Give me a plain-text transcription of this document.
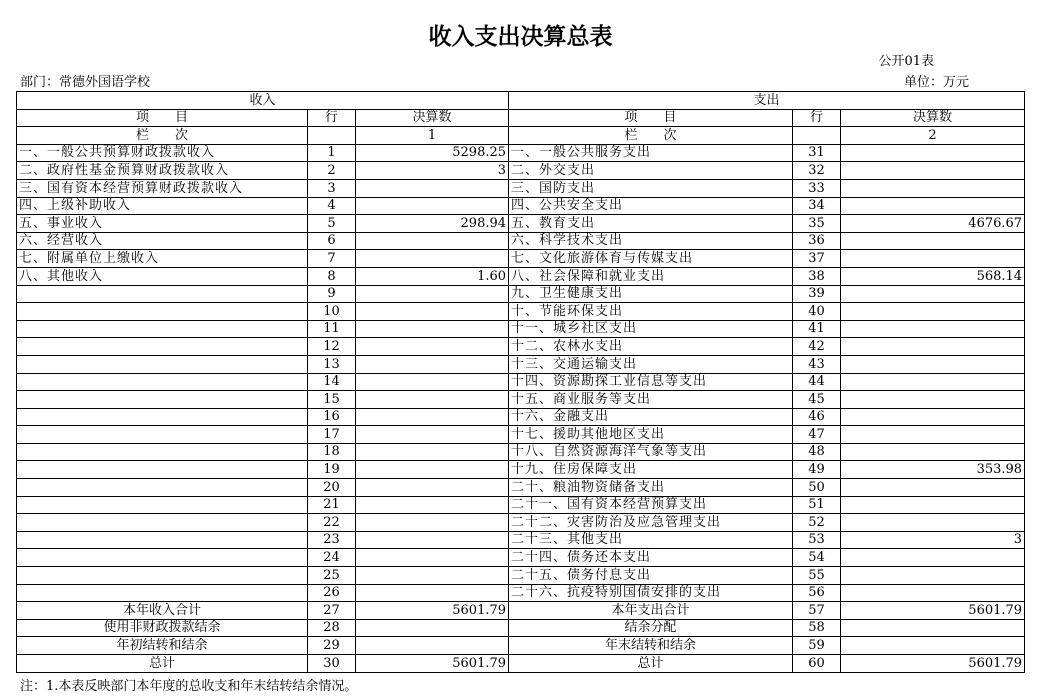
收入支出决算总表
公开01表
部门：常德外国语学校	单位：万元
收入			支出		
项　　目	行	决算数	项　　目	行	决算数
栏　　次		1	栏　　次		2
一、一般公共预算财政拨款收入	1	5298.25	一、一般公共服务支出	31	
二、政府性基金预算财政拨款收入	2	3	二、外交支出	32	
三、国有资本经营预算财政拨款收入	3		三、国防支出	33	
四、上级补助收入	4		四、公共安全支出	34	
五、事业收入	5	298.94	五、教育支出	35	4676.67
六、经营收入	6		六、科学技术支出	36	
七、附属单位上缴收入	7		七、文化旅游体育与传媒支出	37	
八、其他收入	8	1.60	八、社会保障和就业支出	38	568.14
	9		九、卫生健康支出	39	
	10		十、节能环保支出	40	
	11		十一、城乡社区支出	41	
	12		十二、农林水支出	42	
	13		十三、交通运输支出	43	
	14		十四、资源勘探工业信息等支出	44	
	15		十五、商业服务等支出	45	
	16		十六、金融支出	46	
	17		十七、援助其他地区支出	47	
	18		十八、自然资源海洋气象等支出	48	
	19		十九、住房保障支出	49	353.98
	20		二十、粮油物资储备支出	50	
	21		二十一、国有资本经营预算支出	51	
	22		二十二、灾害防治及应急管理支出	52	
	23		二十三、其他支出	53	3
	24		二十四、债务还本支出	54	
	25		二十五、债务付息支出	55	
	26		二十六、抗疫特别国债安排的支出	56	
本年收入合计	27	5601.79	本年支出合计	57	5601.79
使用非财政拨款结余	28		结余分配	58	
年初结转和结余	29		年末结转和结余	59	
总计	30	5601.79	总计	60	5601.79
注：1.本表反映部门本年度的总收支和年末结转结余情况。
